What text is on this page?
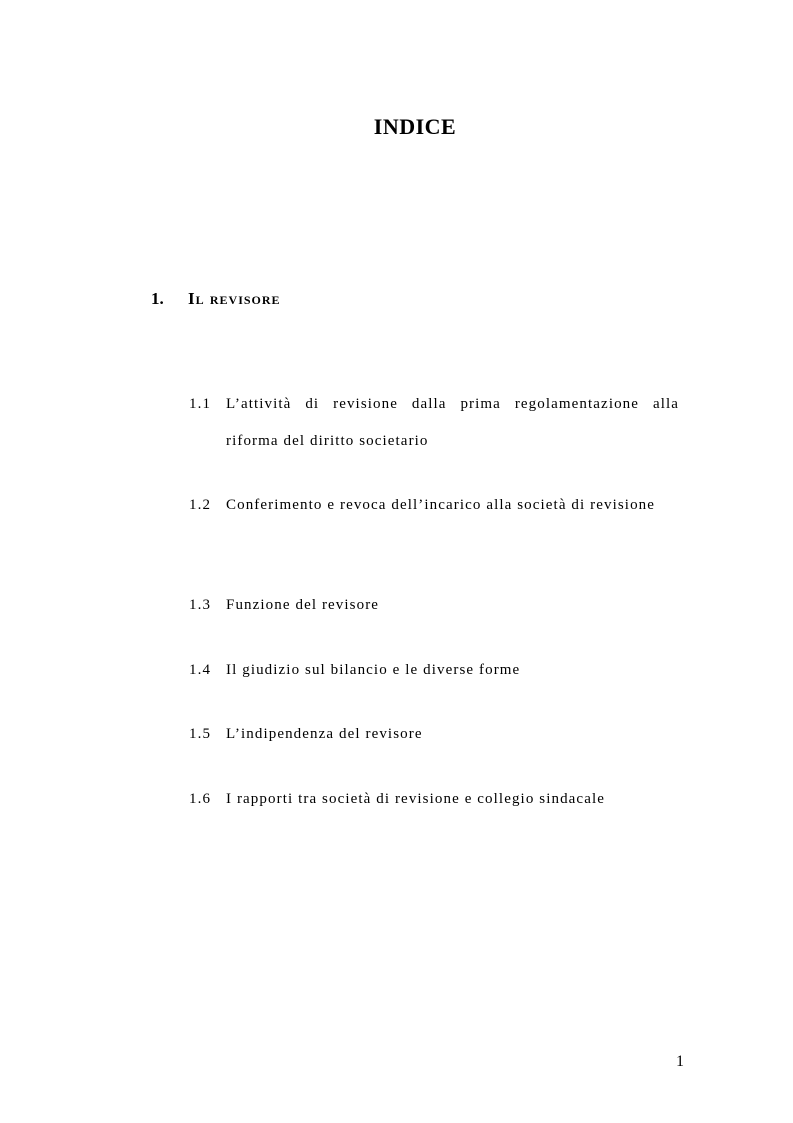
INDICE
1. Il revisore
1.1 L’attività di revisione dalla prima regolamentazione alla riforma del diritto societario
1.2 Conferimento e revoca dell’incarico alla società di revisione
1.3 Funzione del revisore
1.4 Il giudizio sul bilancio e le diverse forme
1.5 L’indipendenza del revisore
1.6 I rapporti tra società di revisione e collegio sindacale
1
